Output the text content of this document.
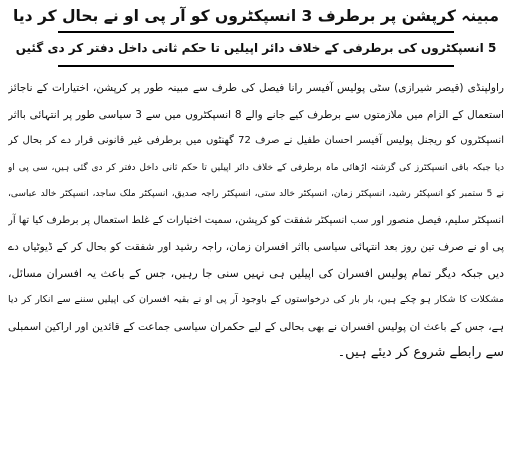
مبینہ کرپشن پر برطرف 3 انسپکٹروں کو آر پی او نے بحال کر دیا
5 انسپکٹروں کی برطرفی کے خلاف دائر اپیلیں تا حکم ثانی داخل دفتر کر دی گئیں
راولپنڈی (قیصر شیرازی) سٹی پولیس آفیسر رانا فیصل کی طرف سے مبینہ طور پر کرپشن، اختیارات کے ناجائز
استعمال کے الزام میں ملازمتوں سے برطرف کیے جانے والے 8 انسپکٹروں میں سے 3 سیاسی طور پر انتہائی بااثر
انسپکٹروں کو ریجنل پولیس آفیسر احسان طفیل نے صرف 72 گھنٹوں میں برطرفی غیر قانونی قرار دے کر بحال کر
دیا جبکہ باقی انسپکٹرز کی گزشتہ اڑھائی ماہ برطرفی کے خلاف دائر اپیلیں تا حکم ثانی داخل دفتر کر دی گئی ہیں، سی پی او
نے 5 ستمبر کو انسپکٹر رشید، انسپکٹر زمان، انسپکٹر خالد ستی، انسپکٹر راجہ صدیق، انسپکٹر ملک ساجد، انسپکٹر خالد عباسی،
انسپکٹر سلیم، فیصل منصور اور سب انسپکٹر شفقت کو کرپشن، سمیت اختیارات کے غلط استعمال پر برطرف کیا تھا آر
پی او نے صرف تین روز بعد انتہائی سیاسی بااثر افسران زمان، راجہ رشید اور شفقت کو بحال کر کے ڈیوٹیاں دے
دیں جبکہ دیگر تمام پولیس افسران کی اپیلیں ہی نہیں سنی جا رہیں، جس کے باعث یہ افسران مسائل،
مشکلات کا شکار ہو چکے ہیں، بار بار کی درخواستوں کے باوجود آر پی او نے بقیہ افسران کی اپیلیں سننے سے انکار کر دیا
ہے، جس کے باعث ان پولیس افسران نے بھی بحالی کے لیے حکمران سیاسی جماعت کے قائدین اور اراکین اسمبلی
سے رابطے شروع کر دیئے ہیں۔
